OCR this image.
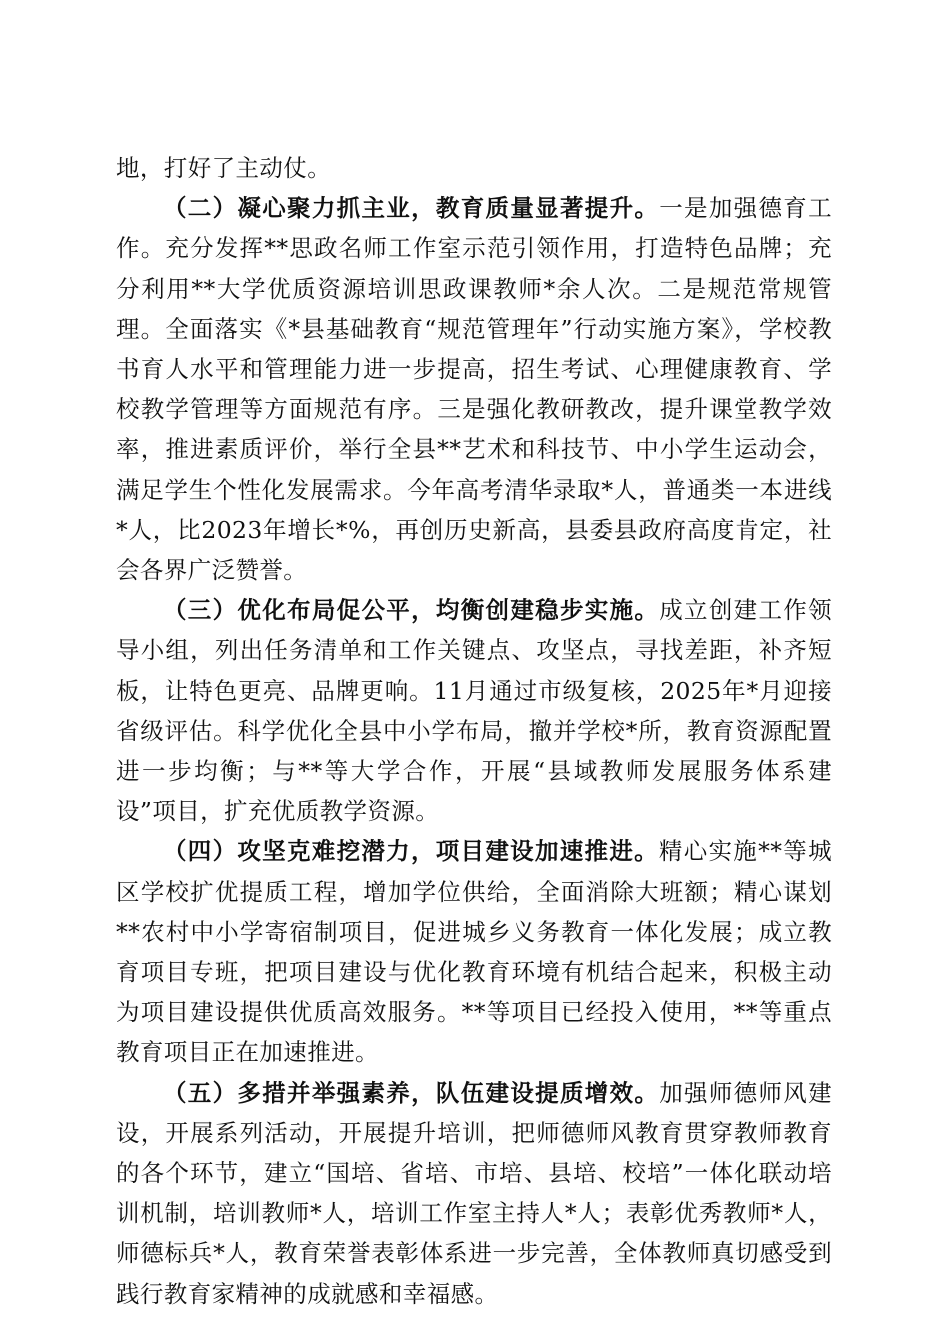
地，打好了主动仗。

（二）凝心聚力抓主业，教育质量显著提升。一是加强德育工作。充分发挥**思政名师工作室示范引领作用，打造特色品牌；充分利用**大学优质资源培训思政课教师*余人次。二是规范常规管理。全面落实《*县基础教育“规范管理年”行动实施方案》，学校教书育人水平和管理能力进一步提高，招生考试、心理健康教育、学校教学管理等方面规范有序。三是强化教研教改，提升课堂教学效率，推进素质评价，举行全县**艺术和科技节、中小学生运动会，满足学生个性化发展需求。今年高考清华录取*人，普通类一本进线*人，比2023年增长*%，再创历史新高，县委县政府高度肯定，社会各界广泛赞誉。

（三）优化布局促公平，均衡创建稳步实施。成立创建工作领导小组，列出任务清单和工作关键点、攻坚点，寻找差距，补齐短板，让特色更亮、品牌更响。11月通过市级复核，2025年*月迎接省级评估。科学优化全县中小学布局，撤并学校*所，教育资源配置进一步均衡；与**等大学合作，开展“县域教师发展服务体系建设”项目，扩充优质教学资源。

（四）攻坚克难挖潜力，项目建设加速推进。精心实施**等城区学校扩优提质工程，增加学位供给，全面消除大班额；精心谋划**农村中小学寄宿制项目，促进城乡义务教育一体化发展；成立教育项目专班，把项目建设与优化教育环境有机结合起来，积极主动为项目建设提供优质高效服务。**等项目已经投入使用，**等重点教育项目正在加速推进。

（五）多措并举强素养，队伍建设提质增效。加强师德师风建设，开展系列活动，开展提升培训，把师德师风教育贯穿教师教育的各个环节，建立“国培、省培、市培、县培、校培”一体化联动培训机制，培训教师*人，培训工作室主持人*人；表彰优秀教师*人，师德标兵*人，教育荣誉表彰体系进一步完善，全体教师真切感受到践行教育家精神的成就感和幸福感。
